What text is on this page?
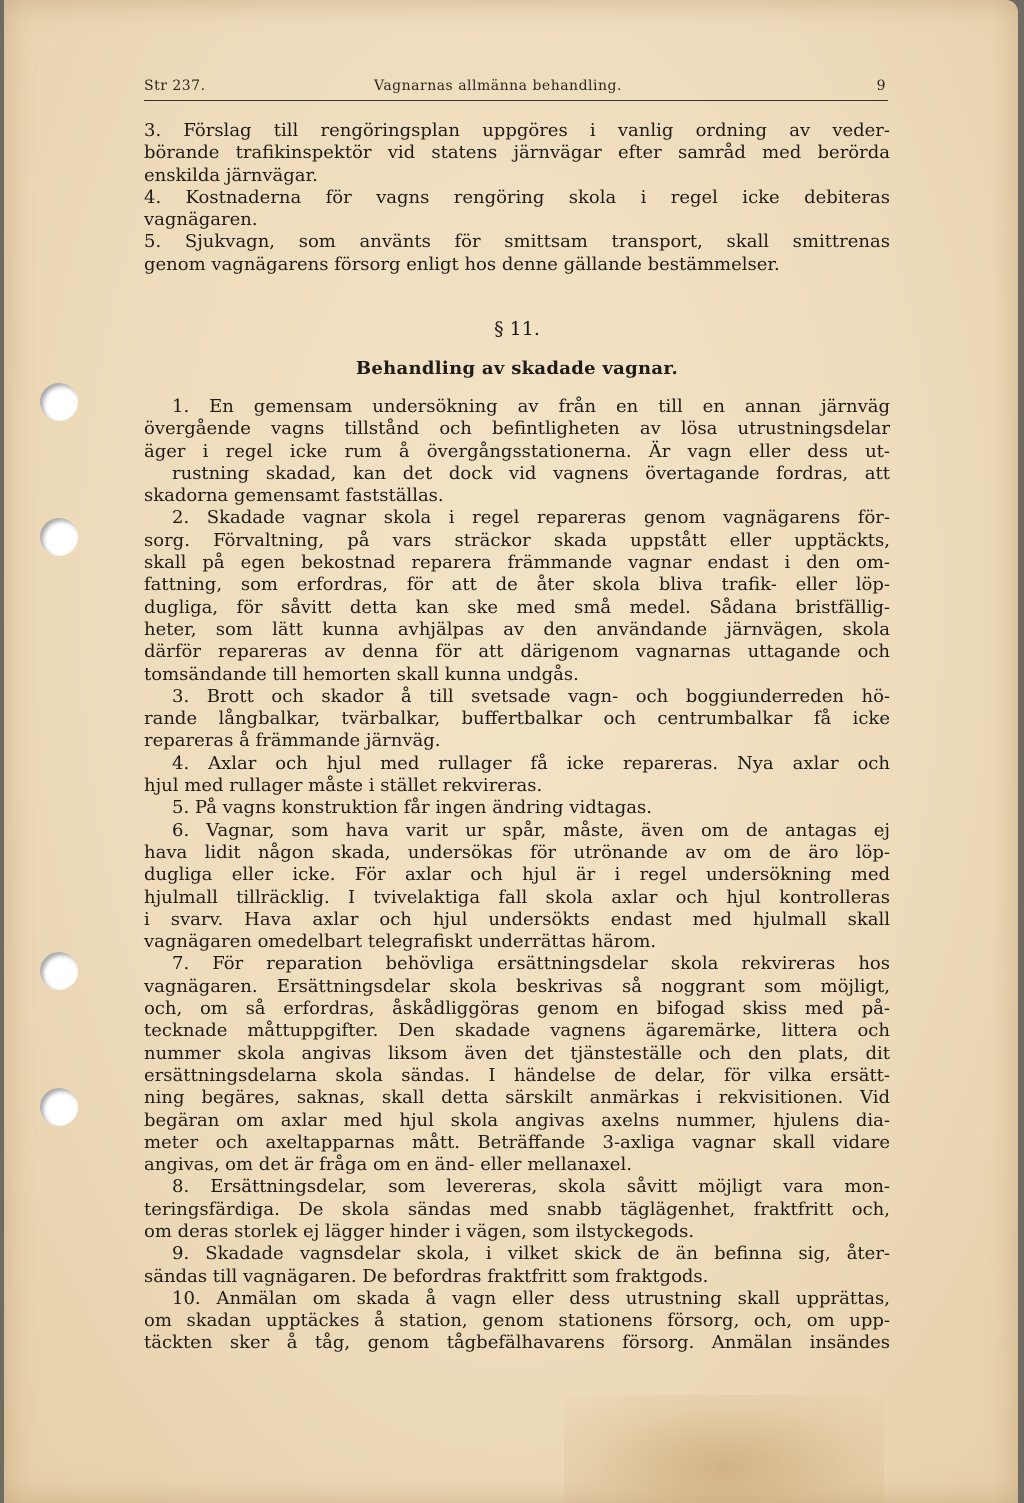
Str 237.	Vagnarnas allmänna behandling.	9
3. Förslag till rengöringsplan uppgöres i vanlig ordning av veder-
börande trafikinspektör vid statens järnvägar efter samråd med berörda
enskilda järnvägar.
4. Kostnaderna för vagns rengöring skola i regel icke debiteras
vagnägaren.
5. Sjukvagn, som använts för smittsam transport, skall smittrenas
genom vagnägarens försorg enligt hos denne gällande bestämmelser.
§ 11.
Behandling av skadade vagnar.
1. En gemensam undersökning av från en till en annan järnväg
övergående vagns tillstånd och befintligheten av lösa utrustningsdelar
äger i regel icke rum å övergångsstationerna. Är vagn eller dess ut-
rustning skadad, kan det dock vid vagnens övertagande fordras, att
skadorna gemensamt fastställas.
2. Skadade vagnar skola i regel repareras genom vagnägarens för-
sorg. Förvaltning, på vars sträckor skada uppstått eller upptäckts,
skall på egen bekostnad reparera främmande vagnar endast i den om-
fattning, som erfordras, för att de åter skola bliva trafik- eller löp-
dugliga, för såvitt detta kan ske med små medel. Sådana bristfällig-
heter, som lätt kunna avhjälpas av den användande järnvägen, skola
därför repareras av denna för att därigenom vagnarnas uttagande och
tomsändande till hemorten skall kunna undgås.
3. Brott och skador å till svetsade vagn- och boggiunderreden hö-
rande långbalkar, tvärbalkar, buffertbalkar och centrumbalkar få icke
repareras å främmande järnväg.
4. Axlar och hjul med rullager få icke repareras. Nya axlar och
hjul med rullager måste i stället rekvireras.
5. På vagns konstruktion får ingen ändring vidtagas.
6. Vagnar, som hava varit ur spår, måste, även om de antagas ej
hava lidit någon skada, undersökas för utrönande av om de äro löp-
dugliga eller icke. För axlar och hjul är i regel undersökning med
hjulmall tillräcklig. I tvivelaktiga fall skola axlar och hjul kontrolleras
i svarv. Hava axlar och hjul undersökts endast med hjulmall skall
vagnägaren omedelbart telegrafiskt underrättas härom.
7. För reparation behövliga ersättningsdelar skola rekvireras hos
vagnägaren. Ersättningsdelar skola beskrivas så noggrant som möjligt,
och, om så erfordras, åskådliggöras genom en bifogad skiss med på-
tecknade måttuppgifter. Den skadade vagnens ägaremärke, littera och
nummer skola angivas liksom även det tjänsteställe och den plats, dit
ersättningsdelarna skola sändas. I händelse de delar, för vilka ersätt-
ning begäres, saknas, skall detta särskilt anmärkas i rekvisitionen. Vid
begäran om axlar med hjul skola angivas axelns nummer, hjulens dia-
meter och axeltapparnas mått. Beträffande 3-axliga vagnar skall vidare
angivas, om det är fråga om en änd- eller mellanaxel.
8. Ersättningsdelar, som levereras, skola såvitt möjligt vara mon-
teringsfärdiga. De skola sändas med snabb täglägenhet, fraktfritt och,
om deras storlek ej lägger hinder i vägen, som ilstyckegods.
9. Skadade vagnsdelar skola, i vilket skick de än befinna sig, åter-
sändas till vagnägaren. De befordras fraktfritt som fraktgods.
10. Anmälan om skada å vagn eller dess utrustning skall upprättas,
om skadan upptäckes å station, genom stationens försorg, och, om upp-
täckten sker å tåg, genom tågbefälhavarens försorg. Anmälan insändes
